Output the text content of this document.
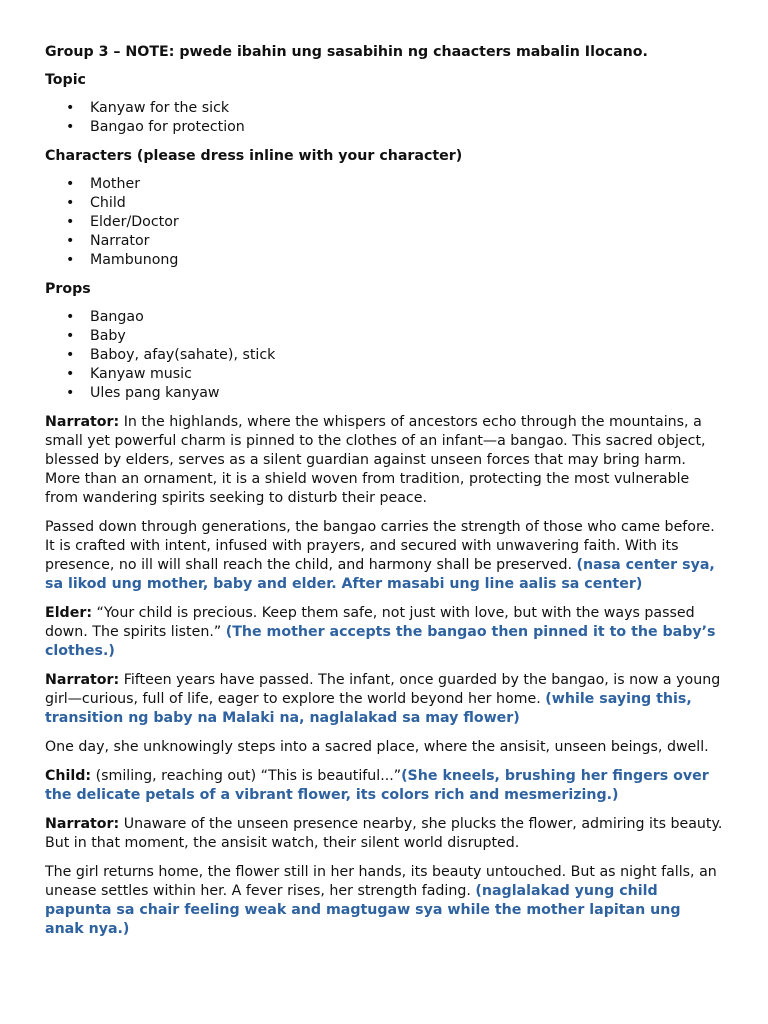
Group 3 – NOTE: pwede ibahin ung sasabihin ng chaacters mabalin Ilocano.

Topic

• Kanyaw for the sick
• Bangao for protection

Characters (please dress inline with your character)

• Mother
• Child
• Elder/Doctor
• Narrator
• Mambunong

Props

• Bangao
• Baby
• Baboy, afay(sahate), stick
• Kanyaw music
• Ules pang kanyaw

Narrator: In the highlands, where the whispers of ancestors echo through the mountains, a small yet powerful charm is pinned to the clothes of an infant—a bangao. This sacred object, blessed by elders, serves as a silent guardian against unseen forces that may bring harm. More than an ornament, it is a shield woven from tradition, protecting the most vulnerable from wandering spirits seeking to disturb their peace.

Passed down through generations, the bangao carries the strength of those who came before. It is crafted with intent, infused with prayers, and secured with unwavering faith. With its presence, no ill will shall reach the child, and harmony shall be preserved. (nasa center sya, sa likod ung mother, baby and elder. After masabi ung line aalis sa center)

Elder: “Your child is precious. Keep them safe, not just with love, but with the ways passed down. The spirits listen.” (The mother accepts the bangao then pinned it to the baby’s clothes.)

Narrator: Fifteen years have passed. The infant, once guarded by the bangao, is now a young girl—curious, full of life, eager to explore the world beyond her home. (while saying this, transition ng baby na Malaki na, naglalakad sa may flower)

One day, she unknowingly steps into a sacred place, where the ansisit, unseen beings, dwell.

Child: (smiling, reaching out) “This is beautiful...”(She kneels, brushing her fingers over the delicate petals of a vibrant flower, its colors rich and mesmerizing.)

Narrator: Unaware of the unseen presence nearby, she plucks the flower, admiring its beauty. But in that moment, the ansisit watch, their silent world disrupted.

The girl returns home, the flower still in her hands, its beauty untouched. But as night falls, an unease settles within her. A fever rises, her strength fading. (naglalakad yung child papunta sa chair feeling weak and magtugaw sya while the mother lapitan ung anak nya.)
